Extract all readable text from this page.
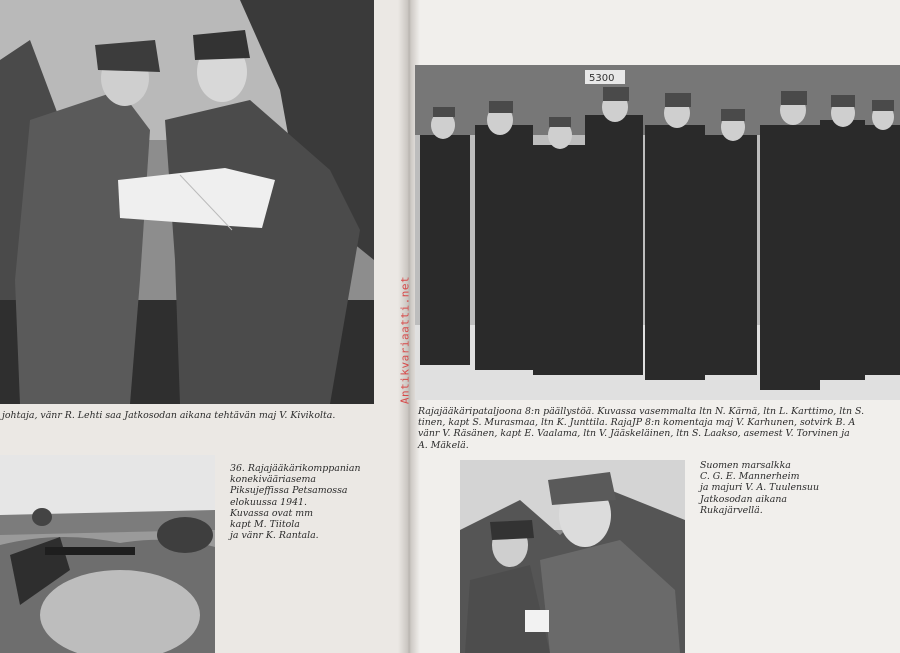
johtaja, vänr R. Lehti saa Jatkosodan aikana tehtävän maj V. Kivikolta.

36. Rajajääkärikomppanian
konekivääriasema
Piksujeffissa Petsamossa
elokuussa 1941.
Kuvassa ovat mm
kapt M. Tiitola
ja vänr K. Rantala.
5300
Rajajääkäripataljoona 8:n päällystöä. Kuvassa vasemmalta ltn N. Kärnä, ltn L. Karttimo, ltn S.
tinen, kapt S. Murasmaa, ltn K. Junttila. RajaJP 8:n komentaja maj V. Karhunen, sotvirk B. A
vänr V. Räsänen, kapt E. Vaalama, ltn V. Jääskeläinen, ltn S. Laakso, asemest V. Torvinen ja
A. Mäkelä.
Suomen marsalkka
C. G. E. Mannerheim
ja majuri V. A. Tuulensuu
Jatkosodan aikana
Rukajärvellä.
Antikvariaatti.net
